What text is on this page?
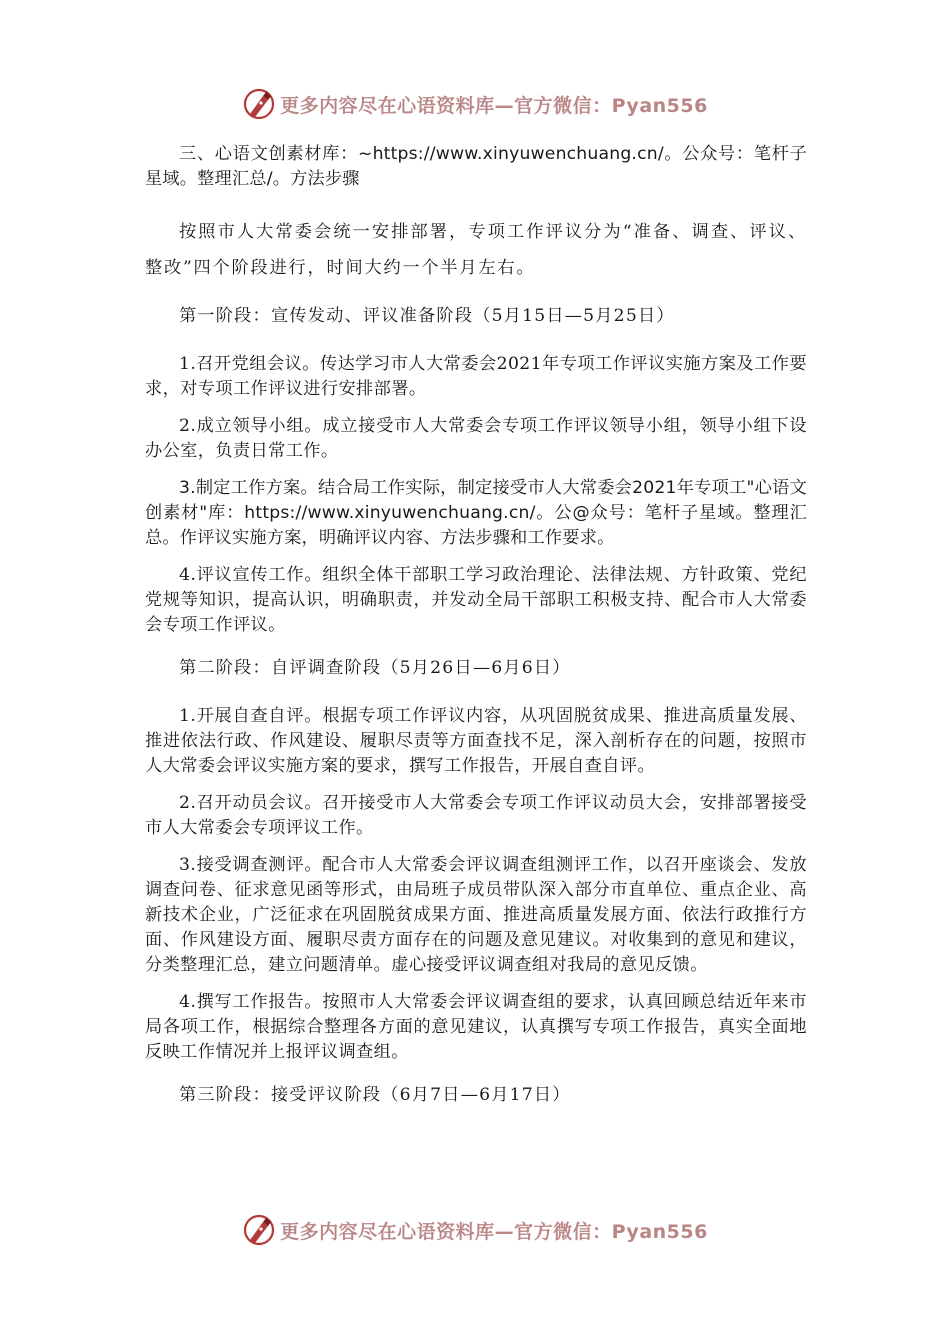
更多内容尽在心语资料库—官方微信：Pyan556

三、心语文创素材库：~https://www.xinyuwenchuang.cn/。公众号：笔杆子星域。整理汇总/。方法步骤

按照市人大常委会统一安排部署，专项工作评议分为“准备、调查、评议、整改”四个阶段进行，时间大约一个半月左右。

第一阶段：宣传发动、评议准备阶段（5月15日—5月25日）

1.召开党组会议。传达学习市人大常委会2021年专项工作评议实施方案及工作要求，对专项工作评议进行安排部署。

2.成立领导小组。成立接受市人大常委会专项工作评议领导小组，领导小组下设办公室，负责日常工作。

3.制定工作方案。结合局工作实际，制定接受市人大常委会2021年专项工"心语文创素材"库：https://www.xinyuwenchuang.cn/。公@众号：笔杆子星域。整理汇总。作评议实施方案，明确评议内容、方法步骤和工作要求。

4.评议宣传工作。组织全体干部职工学习政治理论、法律法规、方针政策、党纪党规等知识，提高认识，明确职责，并发动全局干部职工积极支持、配合市人大常委会专项工作评议。

第二阶段：自评调查阶段（5月26日—6月6日）

1.开展自查自评。根据专项工作评议内容，从巩固脱贫成果、推进高质量发展、推进依法行政、作风建设、履职尽责等方面查找不足，深入剖析存在的问题，按照市人大常委会评议实施方案的要求，撰写工作报告，开展自查自评。

2.召开动员会议。召开接受市人大常委会专项工作评议动员大会，安排部署接受市人大常委会专项评议工作。

3.接受调查测评。配合市人大常委会评议调查组测评工作，以召开座谈会、发放调查问卷、征求意见函等形式，由局班子成员带队深入部分市直单位、重点企业、高新技术企业，广泛征求在巩固脱贫成果方面、推进高质量发展方面、依法行政推行方面、作风建设方面、履职尽责方面存在的问题及意见建议。对收集到的意见和建议，分类整理汇总，建立问题清单。虚心接受评议调查组对我局的意见反馈。

4.撰写工作报告。按照市人大常委会评议调查组的要求，认真回顾总结近年来市局各项工作，根据综合整理各方面的意见建议，认真撰写专项工作报告，真实全面地反映工作情况并上报评议调查组。

第三阶段：接受评议阶段（6月7日—6月17日）

更多内容尽在心语资料库—官方微信：Pyan556
